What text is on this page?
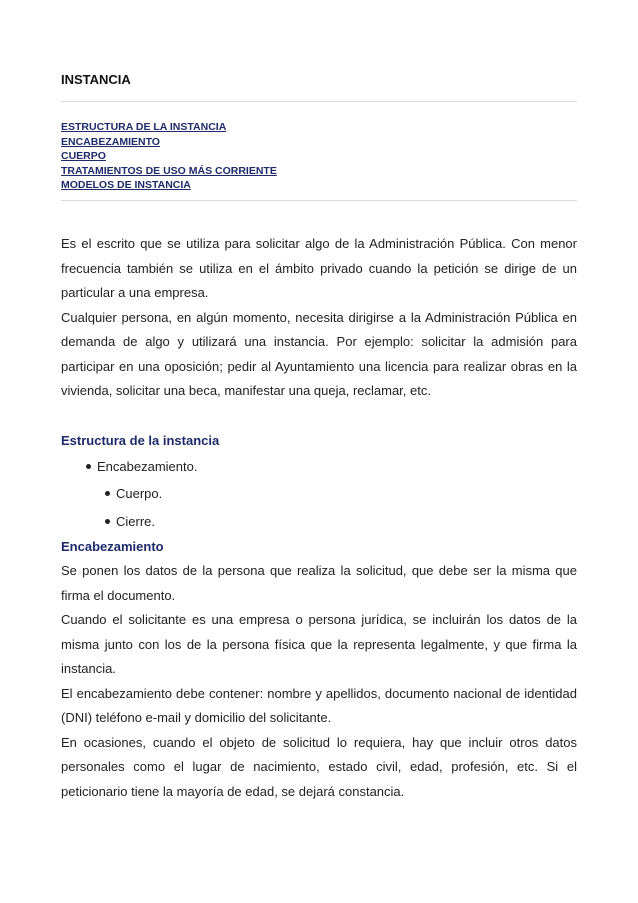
INSTANCIA
ESTRUCTURA DE LA INSTANCIA
ENCABEZAMIENTO
CUERPO
TRATAMIENTOS DE USO MÁS CORRIENTE
MODELOS DE INSTANCIA

Es el escrito que se utiliza para solicitar algo de la Administración Pública. Con menor frecuencia también se utiliza en el ámbito privado cuando la petición se dirige de un particular a una empresa.

Cualquier persona, en algún momento, necesita dirigirse a la Administración Pública en demanda de algo y utilizará una instancia. Por ejemplo: solicitar la admisión para participar en una oposición; pedir al Ayuntamiento una licencia para realizar obras en la vivienda, solicitar una beca, manifestar una queja, reclamar, etc.

Estructura de la instancia

Encabezamiento.
Cuerpo.
Cierre.

Encabezamiento

Se ponen los datos de la persona que realiza la solicitud, que debe ser la misma que firma el documento.

Cuando el solicitante es una empresa o persona jurídica, se incluirán los datos de la misma junto con los de la persona física que la representa legalmente, y que firma la instancia.

El encabezamiento debe contener: nombre y apellidos, documento nacional de identidad (DNI) teléfono e-mail y domicilio del solicitante.

En ocasiones, cuando el objeto de solicitud lo requiera, hay que incluir otros datos personales como el lugar de nacimiento, estado civil, edad, profesión, etc. Si el peticionario tiene la mayoría de edad, se dejará constancia.
